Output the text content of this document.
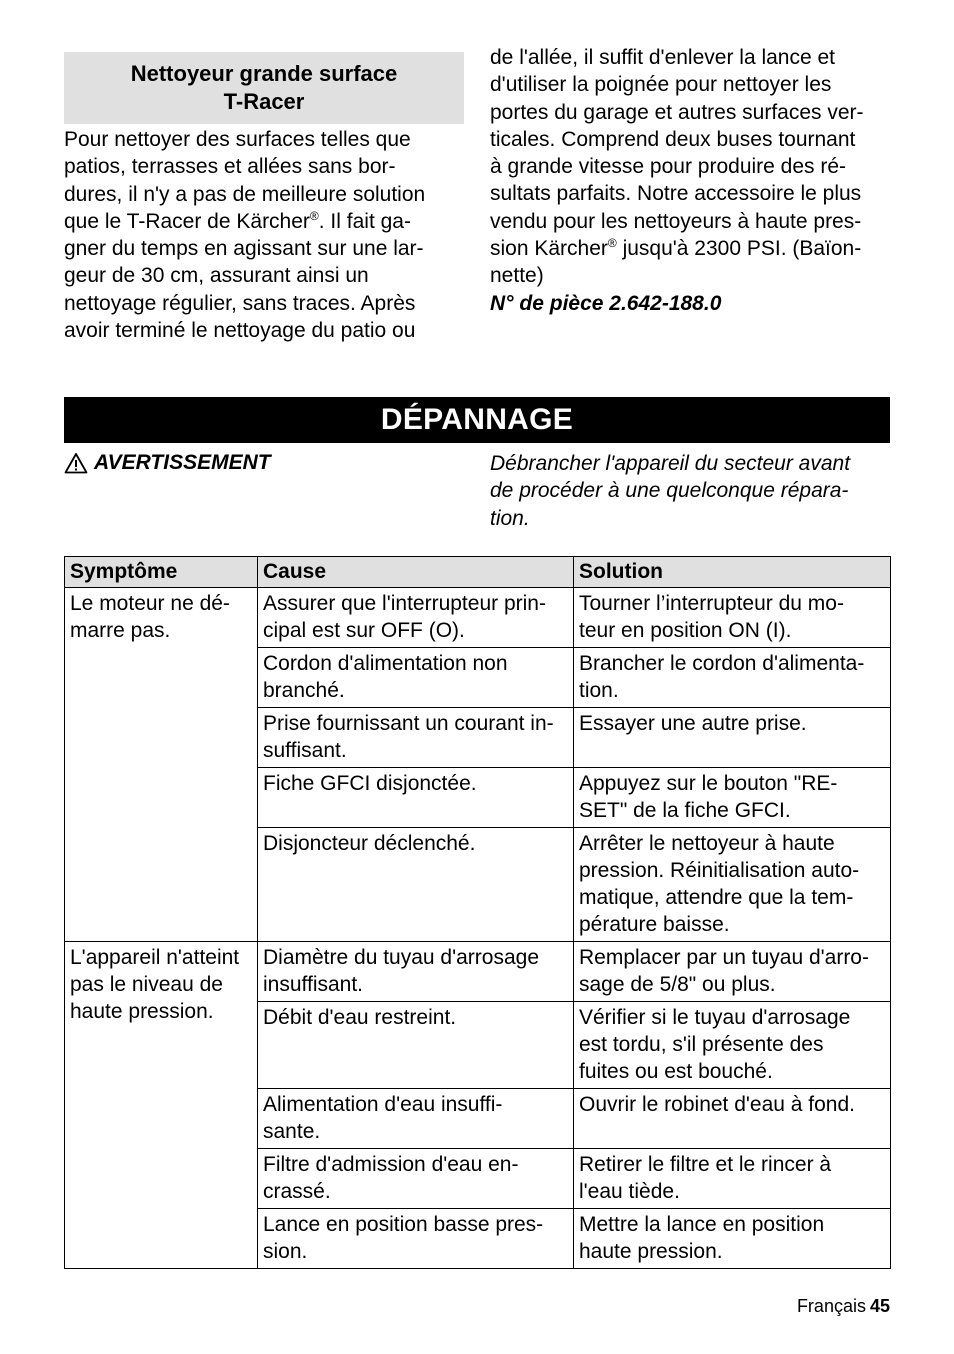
Nettoyeur grande surface
T-Racer
Pour nettoyer des surfaces telles que
patios, terrasses et allées sans bor-
dures, il n'y a pas de meilleure solution
que le T-Racer de Kärcher®. Il fait ga-
gner du temps en agissant sur une lar-
geur de 30 cm, assurant ainsi un
nettoyage régulier, sans traces. Après
avoir terminé le nettoyage du patio ou
de l'allée, il suffit d'enlever la lance et
d'utiliser la poignée pour nettoyer les
portes du garage et autres surfaces ver-
ticales. Comprend deux buses tournant
à grande vitesse pour produire des ré-
sultats parfaits. Notre accessoire le plus
vendu pour les nettoyeurs à haute pres-
sion Kärcher® jusqu'à 2300 PSI. (Baïon-
nette)
N° de pièce 2.642-188.0
DÉPANNAGE
AVERTISSEMENT	Débrancher l'appareil du secteur avant
de procéder à une quelconque répara-
tion.
Symptôme	Cause	Solution

Le moteur ne dé-
marre pas.	Assurer que l'interrupteur prin-
cipal est sur OFF (O).	Tourner l’interrupteur du mo-
teur en position ON (I).

	Cordon d'alimentation non
branché.	Brancher le cordon d'alimenta-
tion.

	Prise fournissant un courant in-
suffisant.	Essayer une autre prise.

	Fiche GFCI disjonctée.	Appuyez sur le bouton "RE-
SET" de la fiche GFCI.

	Disjoncteur déclenché.	Arrêter le nettoyeur à haute
pression. Réinitialisation auto-
matique, attendre que la tem-
pérature baisse.

L'appareil n'atteint
pas le niveau de
haute pression.	Diamètre du tuyau d'arrosage
insuffisant.	Remplacer par un tuyau d'arro-
sage de 5/8" ou plus.

	Débit d'eau restreint.	Vérifier si le tuyau d'arrosage
est tordu, s'il présente des
fuites ou est bouché.

	Alimentation d'eau insuffi-
sante.	Ouvrir le robinet d'eau à fond.

	Filtre d'admission d'eau en-
crassé.	Retirer le filtre et le rincer à
l'eau tiède.

	Lance en position basse pres-
sion.	Mettre la lance en position
haute pression.
Français 45
